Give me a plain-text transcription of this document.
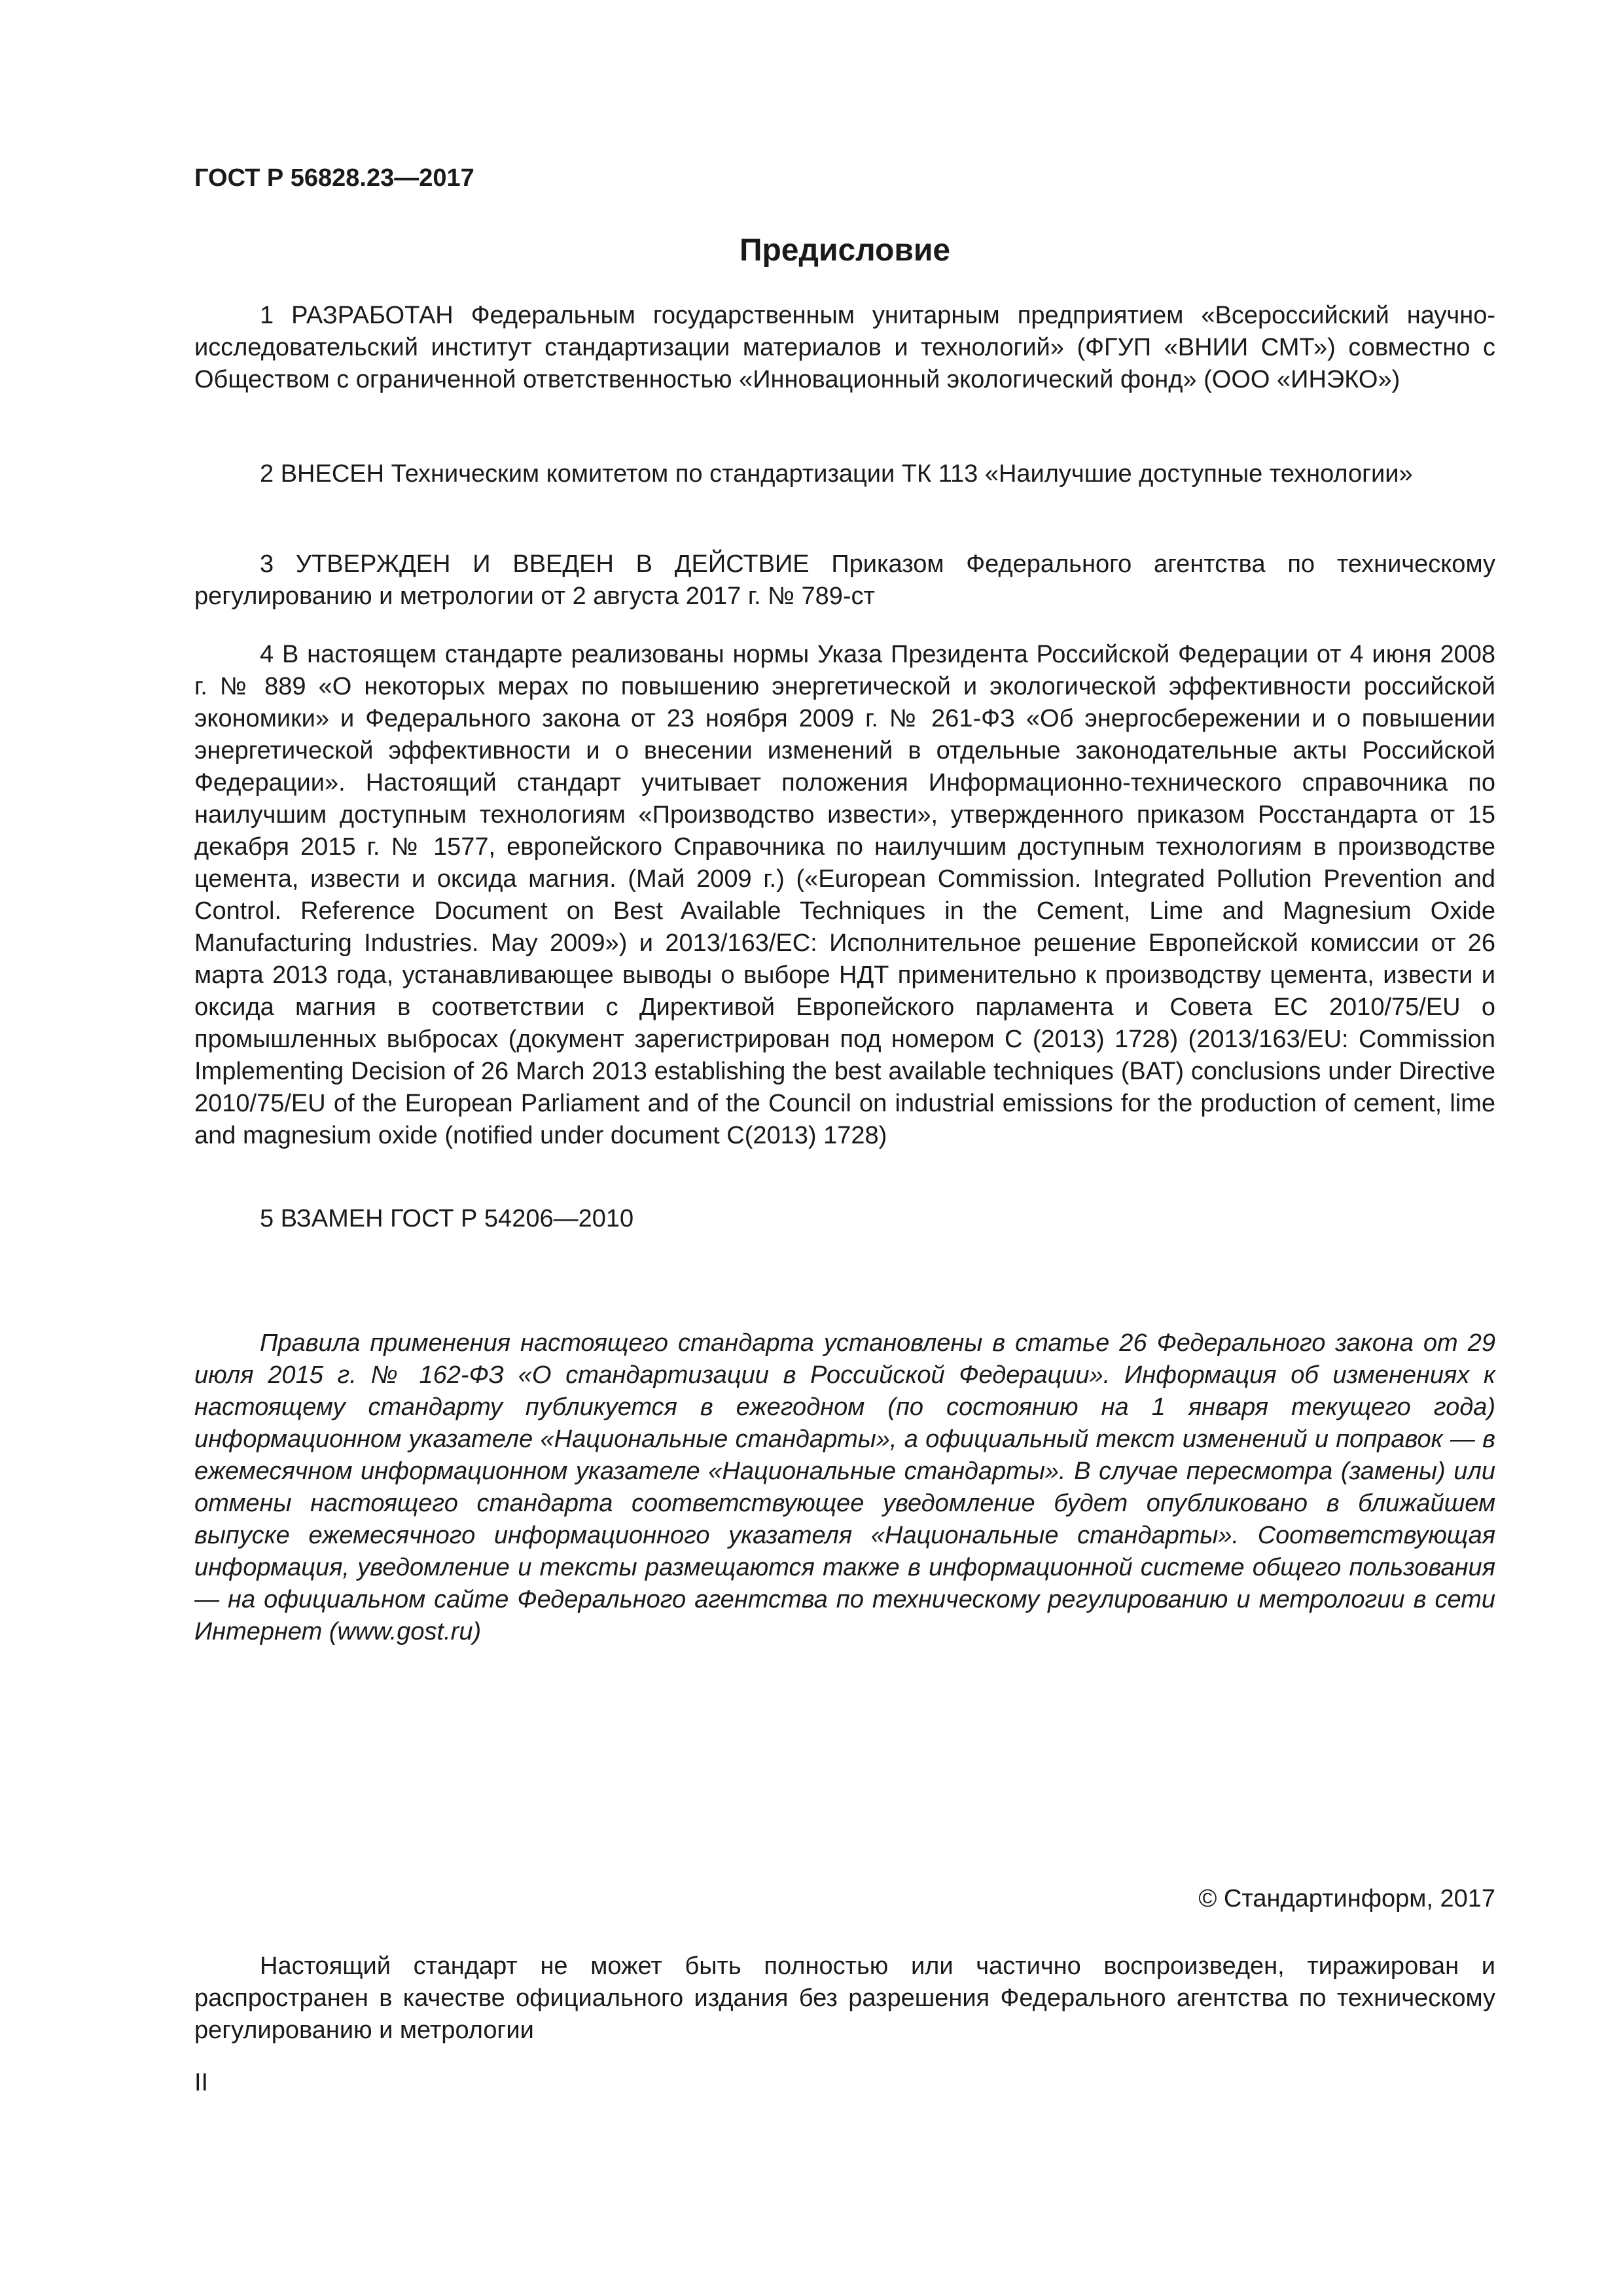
ГОСТ Р 56828.23—2017
Предисловие

1 РАЗРАБОТАН Федеральным государственным унитарным предприятием «Всероссийский научно-исследовательский институт стандартизации материалов и технологий» (ФГУП «ВНИИ СМТ») совместно с Обществом с ограниченной ответственностью «Инновационный экологический фонд» (ООО «ИНЭКО»)

2 ВНЕСЕН Техническим комитетом по стандартизации ТК 113 «Наилучшие доступные технологии»

3 УТВЕРЖДЕН И ВВЕДЕН В ДЕЙСТВИЕ Приказом Федерального агентства по техническому регулированию и метрологии от 2 августа 2017 г. № 789-ст

4 В настоящем стандарте реализованы нормы Указа Президента Российской Федерации от 4 июня 2008 г. № 889 «О некоторых мерах по повышению энергетической и экологической эффективности российской экономики» и Федерального закона от 23 ноября 2009 г. № 261-ФЗ «Об энергосбережении и о повышении энергетической эффективности и о внесении изменений в отдельные законодательные акты Российской Федерации». Настоящий стандарт учитывает положения Информационно-технического справочника по наилучшим доступным технологиям «Производство извести», утвержденного приказом Росстандарта от 15 декабря 2015 г. № 1577, европейского Справочника по наилучшим доступным технологиям в производстве цемента, извести и оксида магния. (Май 2009 г.) («European Commission. Integrated Pollution Prevention and Control. Reference Document on Best Available Techniques in the Cement, Lime and Magnesium Oxide Manufacturing Industries. May 2009») и 2013/163/EC: Исполнительное решение Европейской комиссии от 26 марта 2013 года, устанавливающее выводы о выборе НДТ применительно к производству цемента, извести и оксида магния в соответствии с Директивой Европейского парламента и Совета ЕС 2010/75/EU о промышленных выбросах (документ зарегистрирован под номером С (2013) 1728) (2013/163/EU: Commission Implementing Decision of 26 March 2013 establishing the best available techniques (BAT) conclusions under Directive 2010/75/EU of the European Parliament and of the Council on industrial emissions for the production of cement, lime and magnesium oxide (notified under document C(2013) 1728)

5 ВЗАМЕН ГОСТ Р 54206—2010

Правила применения настоящего стандарта установлены в статье 26 Федерального закона от 29 июля 2015 г. № 162-ФЗ «О стандартизации в Российской Федерации». Информация об изменениях к настоящему стандарту публикуется в ежегодном (по состоянию на 1 января текущего года) информационном указателе «Национальные стандарты», а официальный текст изменений и поправок — в ежемесячном информационном указателе «Национальные стандарты». В случае пересмотра (замены) или отмены настоящего стандарта соответствующее уведомление будет опубликовано в ближайшем выпуске ежемесячного информационного указателя «Национальные стандарты». Соответствующая информация, уведомление и тексты размещаются также в информационной системе общего пользования — на официальном сайте Федерального агентства по техническому регулированию и метрологии в сети Интернет (www.gost.ru)

© Стандартинформ, 2017

Настоящий стандарт не может быть полностью или частично воспроизведен, тиражирован и распространен в качестве официального издания без разрешения Федерального агентства по техническому регулированию и метрологии

II
